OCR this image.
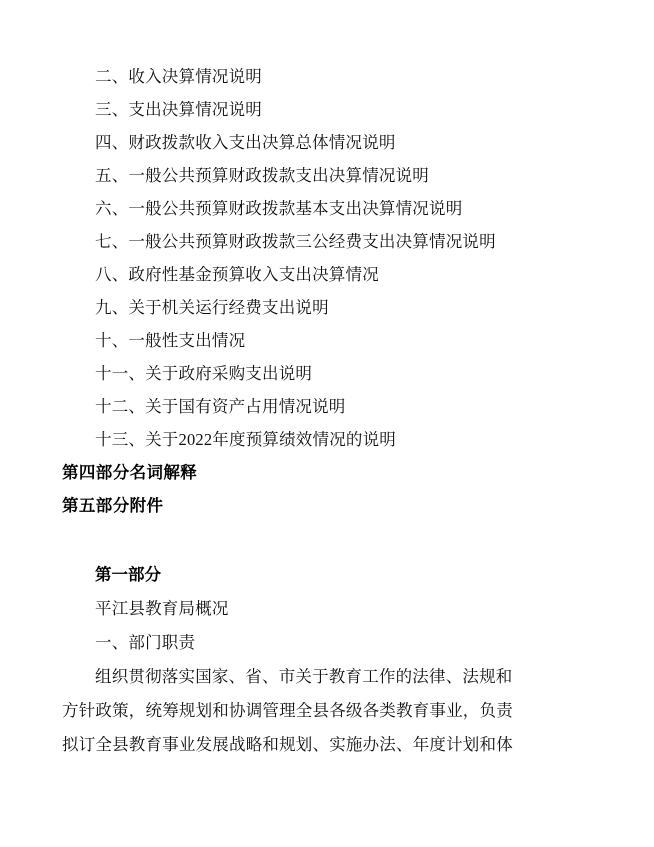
二、收入决算情况说明
三、支出决算情况说明
四、财政拨款收入支出决算总体情况说明
五、一般公共预算财政拨款支出决算情况说明
六、一般公共预算财政拨款基本支出决算情况说明
七、一般公共预算财政拨款三公经费支出决算情况说明
八、政府性基金预算收入支出决算情况
九、关于机关运行经费支出说明
十、一般性支出情况
十一、关于政府采购支出说明
十二、关于国有资产占用情况说明
十三、关于2022年度预算绩效情况的说明
第四部分名词解释
第五部分附件
第一部分
平江县教育局概况
一、部门职责
组织贯彻落实国家、省、市关于教育工作的法律、法规和
方针政策，统筹规划和协调管理全县各级各类教育事业，负责
拟订全县教育事业发展战略和规划、实施办法、年度计划和体
